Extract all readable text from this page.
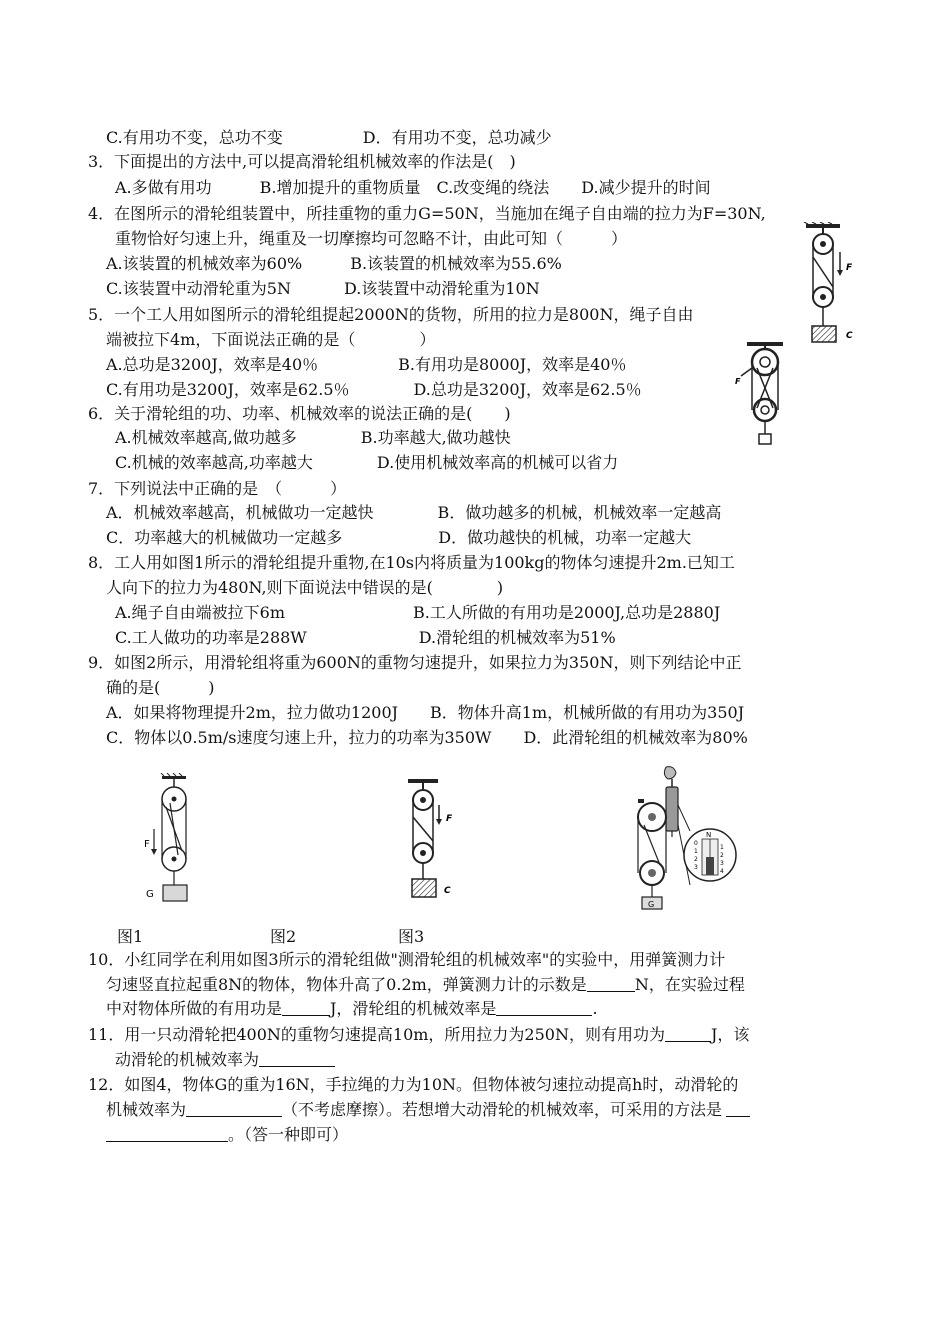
C.有用功不变，总功不变　　　　　D．有用功不变，总功减少
3．下面提出的方法中,可以提高滑轮组机械效率的作法是(　)
A.多做有用功　　　B.增加提升的重物质量　C.改变绳的绕法　　D.减少提升的时间
4．在图所示的滑轮组装置中，所挂重物的重力G=50N，当施加在绳子自由端的拉力为F=30N,
重物恰好匀速上升，绳重及一切摩擦均可忽略不计，由此可知（　　　）
A.该装置的机械效率为60%　　　B.该装置的机械效率为55.6%
C.该装置中动滑轮重为5N　　　 D.该装置中动滑轮重为10N
5．一个工人用如图所示的滑轮组提起2000N的货物，所用的拉力是800N，绳子自由
端被拉下4m，下面说法正确的是（　　　　）
A.总功是3200J，效率是40％　　　　　B.有用功是8000J，效率是40％
C.有用功是3200J，效率是62.5％　　　　D.总功是3200J，效率是62.5％
6．关于滑轮组的功、功率、机械效率的说法正确的是(　　)
A.机械效率越高,做功越多　　　　B.功率越大,做功越快
C.机械的效率越高,功率越大　　　　D.使用机械效率高的机械可以省力
7．下列说法中正确的是　（　　　）
A．机械效率越高，机械做功一定越快　　　　B．做功越多的机械，机械效率一定越高
C．功率越大的机械做功一定越多　　　　　　D．做功越快的机械，功率一定越大
8．工人用如图1所示的滑轮组提升重物,在10s内将质量为100kg的物体匀速提升2m.已知工
人向下的拉力为480N,则下面说法中错误的是(　　　　)
A.绳子自由端被拉下6m　　　　　　　　B.工人所做的有用功是2000J,总功是2880J
C.工人做功的功率是288W　　　　　　　D.滑轮组的机械效率为51%
9．如图2所示，用滑轮组将重为600N的重物匀速提升，如果拉力为350N，则下列结论中正
确的是(　　　)
A．如果将物理提升2m，拉力做功1200J　　B．物体升高1m，机械所做的有用功为350J
C．物体以0.5m/s速度匀速上升，拉力的功率为350W　　D．此滑轮组的机械效率为80%
F
C
F
F
G
F
C
G
N
0
1
2
3
1
2
3
4
图1	图2	图3
10．小红同学在利用如图3所示的滑轮组做"测滑轮组的机械效率"的实验中，用弹簧测力计
匀速竖直拉起重8N的物体，物体升高了0.2m，弹簧测力计的示数是	N，在实验过程
中对物体所做的有用功是	J，滑轮组的机械效率是	.
11．用一只动滑轮把400N的重物匀速提高10m，所用拉力为250N，则有用功为	J，该
动滑轮的机械效率为
12．如图4，物体G的重为16N，手拉绳的力为10N。但物体被匀速拉动提高h时，动滑轮的
机械效率为	（不考虑摩擦）。若想增大动滑轮的机械效率，可采用的方法是
。（答一种即可）
